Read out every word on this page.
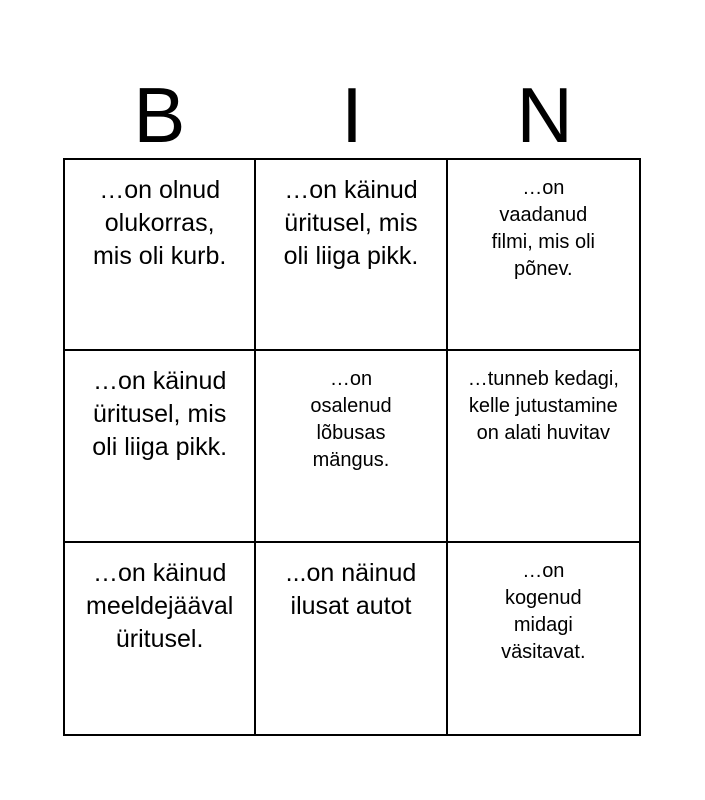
B	I	N
…on olnud olukorras, mis oli kurb.
…on käinud üritusel, mis oli liiga pikk.
…on vaadanud filmi, mis oli põnev.
…on käinud üritusel, mis oli liiga pikk.
…on osalenud lõbusas mängus.
…tunneb kedagi, kelle jutustamine on alati huvitav
…on käinud meeldejääval üritusel.
...on näinud ilusat autot
…on kogenud midagi väsitavat.
